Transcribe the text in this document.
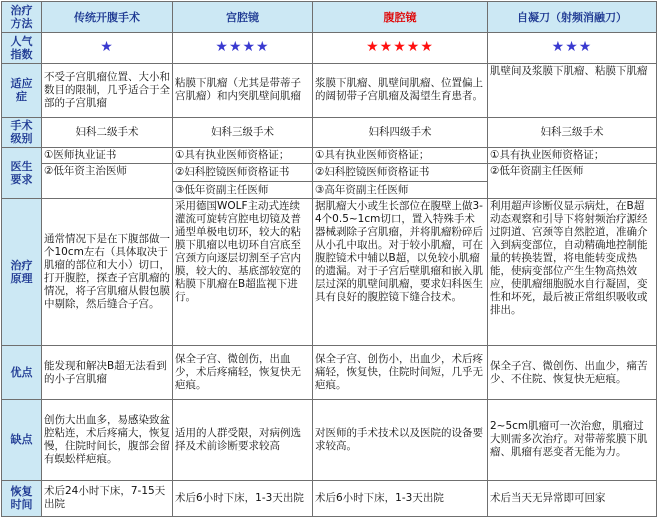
治疗
方法	传统开腹手术	宫腔镜	腹腔镜	自凝刀（射频消融刀）
人气
指数	★	★★★★	★★★★★	★★★
适应
症	不受子宫肌瘤位置、大小和数目的限制，几乎适合于全部的子宫肌瘤	粘膜下肌瘤（尤其是带蒂子宫肌瘤）和内突肌壁间肌瘤	浆膜下肌瘤、肌壁间肌瘤、位置偏上的阔韧带子宫肌瘤及渴望生育患者。	肌壁间及浆膜下肌瘤、粘膜下肌瘤
手术
级别	妇科二级手术	妇科三级手术	妇科四级手术	妇科三级手术
医生
要求	①医师执业证书	①具有执业医师资格证；	①具有执业医师资格证；	①具有执业医师资格证；
	②低年资主治医师	②妇科腔镜医师资格证书	②妇科腔镜医师资格证书	②低年资副主任医师
		③低年资副主任医师	③高年资副主任医师	
治疗
原理	通常情况下是在下腹部做一个10cm左右（具体取决于肌瘤的部位和大小）切口，打开腹腔，探查子宫肌瘤的情况，将子宫肌瘤从假包膜中剔除，然后缝合子宫。	采用德国WOLF主动式连续灌流可旋转宫腔电切镜及普通型单极电切环，较大的粘膜下肌瘤以电切环自宫底至宫颈方向逐层切割至子宫内膜，较大的、基底部较宽的粘膜下肌瘤在B超监视下进行。	据肌瘤大小或生长部位在腹壁上做3-4个0.5~1cm切口，置入特殊手术器械剥除子宫肌瘤，并将肌瘤粉碎后从小孔中取出。对于较小肌瘤，可在腹腔镜术中辅以B超，以免较小肌瘤的遗漏。对于子宫后壁肌瘤和嵌入肌层过深的肌壁间肌瘤，要求妇科医生具有良好的腹腔镜下缝合技术。	利用超声诊断仪显示病灶，在B超动态观察和引导下将射频治疗源经过阴道、宫颈等自然腔道，准确介入到病变部位，自动精确地控制能量的转换装置，将电能转变成热能，使病变部位产生生物高热效应，使肌瘤细胞脱水自行凝固，变性和坏死，最后被正常组织吸收或排出。
优点	能发现和解决B超无法看到的小子宫肌瘤	保全子宫、微创伤，出血少，术后疼痛轻，恢复快无疤痕。	保全子宫、创伤小，出血少，术后疼痛轻，恢复快，住院时间短，几乎无疤痕。	保全子宫、微创伤、出血少，痛苦少、不住院、恢复快无疤痕。
缺点	创伤大出血多，易感染致盆腔粘连，术后疼痛大，恢复慢，住院时间长，腹部会留有蜈蚣样疤痕。	适用的人群受限，对病例选择及术前诊断要求较高	对医师的手术技术以及医院的设备要求较高。	2~5cm肌瘤可一次治愈，肌瘤过大则需多次治疗。对带蒂浆膜下肌瘤、肌瘤有恶变者无能为力。
恢复
时间	术后24小时下床，7-15天出院	术后6小时下床，1-3天出院	术后6小时下床，1-3天出院	术后当天无异常即可回家
